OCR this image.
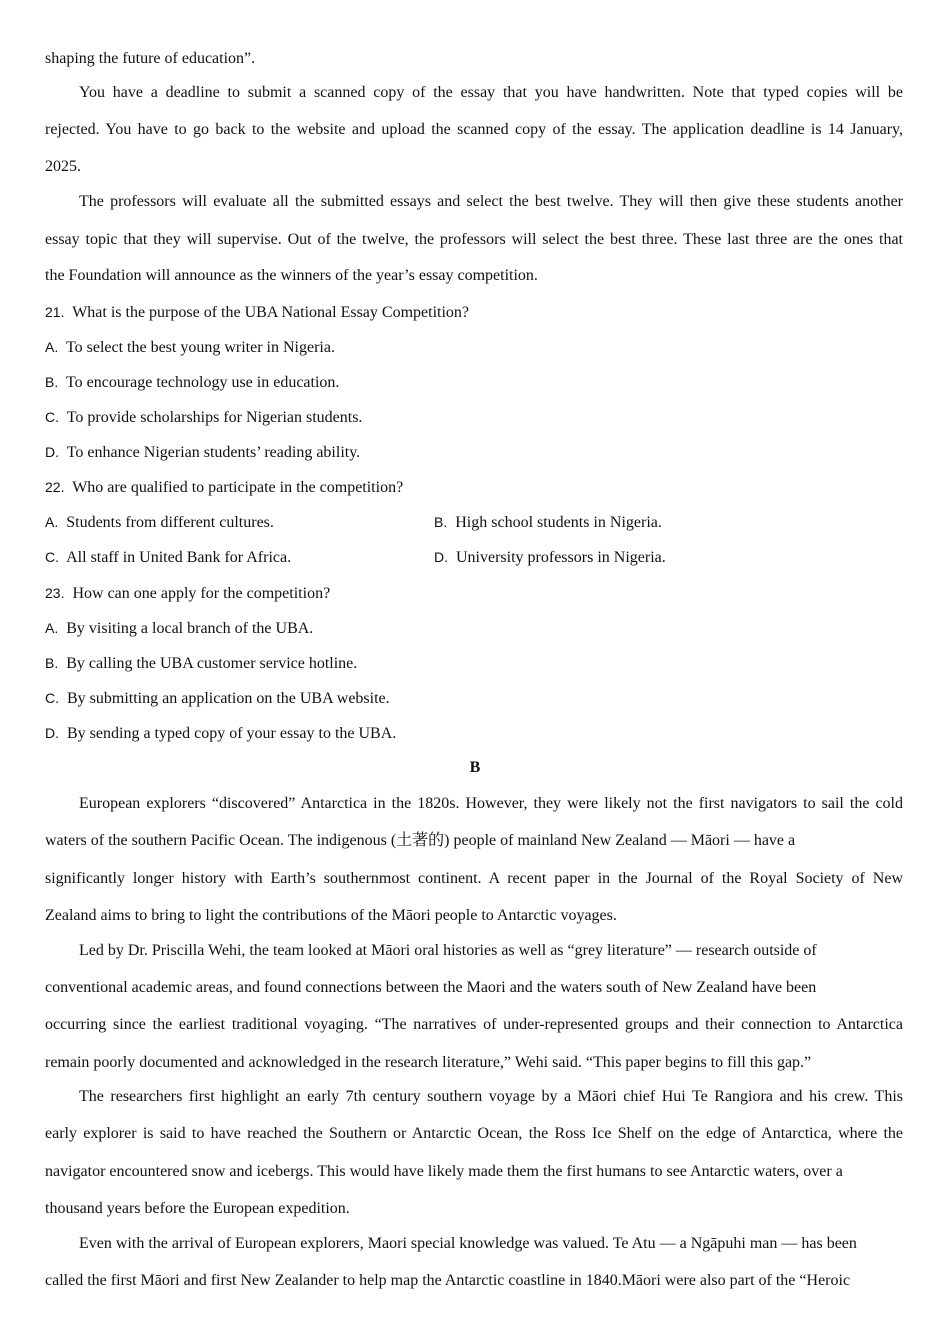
shaping the future of education”.
You have a deadline to submit a scanned copy of the essay that you have handwritten. Note that typed copies will be
rejected. You have to go back to the website and upload the scanned copy of the essay. The application deadline is 14 January,
2025.
The professors will evaluate all the submitted essays and select the best twelve. They will then give these students another
essay topic that they will supervise. Out of the twelve, the professors will select the best three. These last three are the ones that
the Foundation will announce as the winners of the year’s essay competition.
21. What is the purpose of the UBA National Essay Competition?
A. To select the best young writer in Nigeria.
B. To encourage technology use in education.
C. To provide scholarships for Nigerian students.
D. To enhance Nigerian students’ reading ability.
22. Who are qualified to participate in the competition?
A. Students from different cultures.	B. High school students in Nigeria.
C. All staff in United Bank for Africa.	D. University professors in Nigeria.
23. How can one apply for the competition?
A. By visiting a local branch of the UBA.
B. By calling the UBA customer service hotline.
C. By submitting an application on the UBA website.
D. By sending a typed copy of your essay to the UBA.
B
European explorers “discovered” Antarctica in the 1820s. However, they were likely not the first navigators to sail the cold
waters of the southern Pacific Ocean. The indigenous (土著的) people of mainland New Zealand — Māori — have a
significantly longer history with Earth’s southernmost continent. A recent paper in the Journal of the Royal Society of New
Zealand aims to bring to light the contributions of the Māori people to Antarctic voyages.
Led by Dr. Priscilla Wehi, the team looked at Māori oral histories as well as “grey literature” — research outside of
conventional academic areas, and found connections between the Maori and the waters south of New Zealand have been
occurring since the earliest traditional voyaging. “The narratives of under-represented groups and their connection to Antarctica
remain poorly documented and acknowledged in the research literature,” Wehi said. “This paper begins to fill this gap.”
The researchers first highlight an early 7th century southern voyage by a Māori chief Hui Te Rangiora and his crew. This
early explorer is said to have reached the Southern or Antarctic Ocean, the Ross Ice Shelf on the edge of Antarctica, where the
navigator encountered snow and icebergs. This would have likely made them the first humans to see Antarctic waters, over a
thousand years before the European expedition.
Even with the arrival of European explorers, Maori special knowledge was valued. Te Atu — a Ngāpuhi man — has been
called the first Māori and first New Zealander to help map the Antarctic coastline in 1840.Māori were also part of the “Heroic
